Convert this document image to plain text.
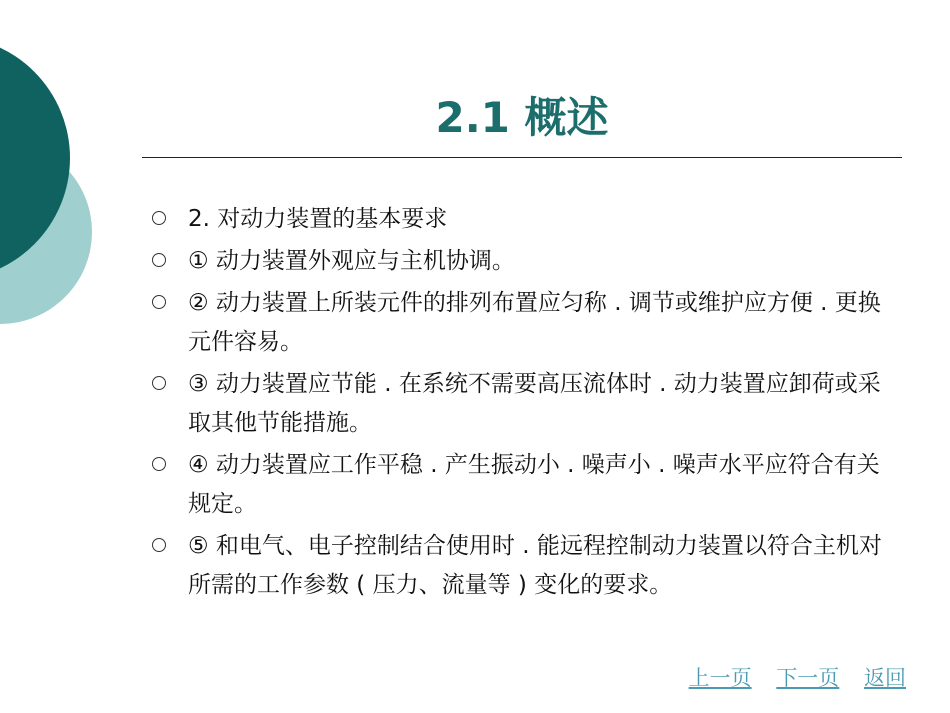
2.1 概述
2. 对动力装置的基本要求
① 动力装置外观应与主机协调。
② 动力装置上所装元件的排列布置应匀称 . 调节或维护应方便 . 更换元件容易。
③ 动力装置应节能 . 在系统不需要高压流体时 . 动力装置应卸荷或采取其他节能措施。
④ 动力装置应工作平稳 . 产生振动小 . 噪声小 . 噪声水平应符合有关规定。
⑤ 和电气、电子控制结合使用时 . 能远程控制动力装置以符合主机对所需的工作参数 ( 压力、流量等 ) 变化的要求。
上一页 下一页 返回
